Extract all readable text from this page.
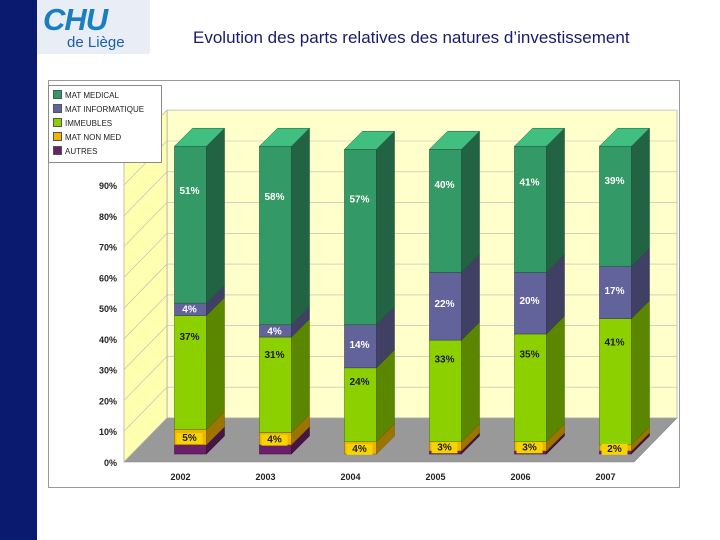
CHU
de Liège	Evolution des parts relatives des natures d’investissement
0%
10%
20%
30%
40%
50%
60%
70%
80%
90%
5%
37%
4%
51%
2002
4%
31%
4%
58%
2003
4%
24%
14%
57%
2004
3%
33%
22%
40%
2005
3%
35%
20%
41%
2006
2%
41%
17%
39%
2007
MAT MEDICAL
MAT INFORMATIQUE
IMMEUBLES
MAT NON MED
AUTRES
